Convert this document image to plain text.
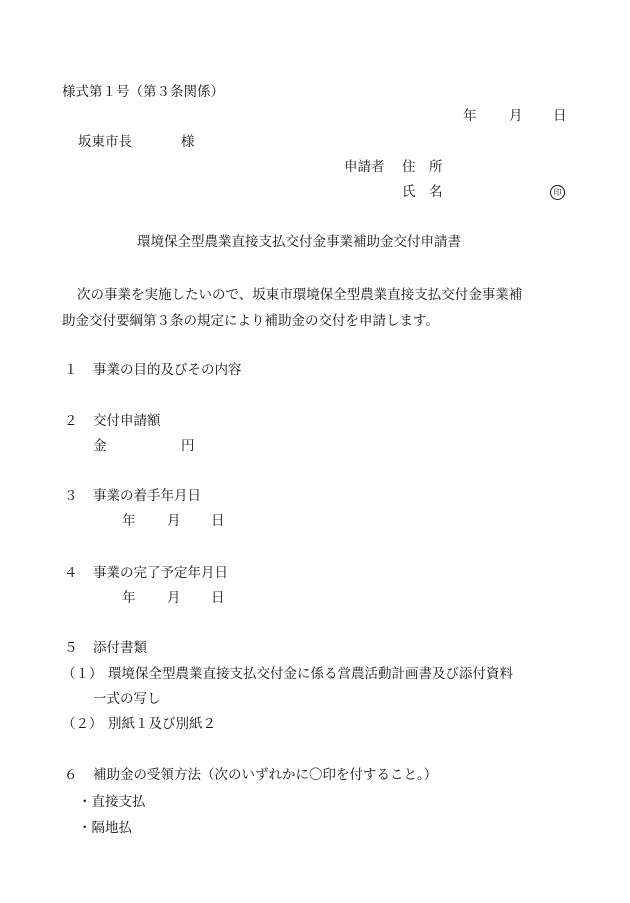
様式第１号（第３条関係）
年 月 日
坂東市長	様
申請者 住　所
氏　名	印
環境保全型農業直接支払交付金事業補助金交付申請書
次の事業を実施したいので、坂東市環境保全型農業直接支払交付金事業補
助金交付要綱第３条の規定により補助金の交付を申請します。
１ 事業の目的及びその内容
２ 交付申請額
金	円
３ 事業の着手年月日
年 月 日
４ 事業の完了予定年月日
年 月 日
５ 添付書類
（１） 環境保全型農業直接支払交付金に係る営農活動計画書及び添付資料
一式の写し
（２） 別紙１及び別紙２
６ 補助金の受領方法（次のいずれかに〇印を付すること。）
・直接支払
・隔地払
